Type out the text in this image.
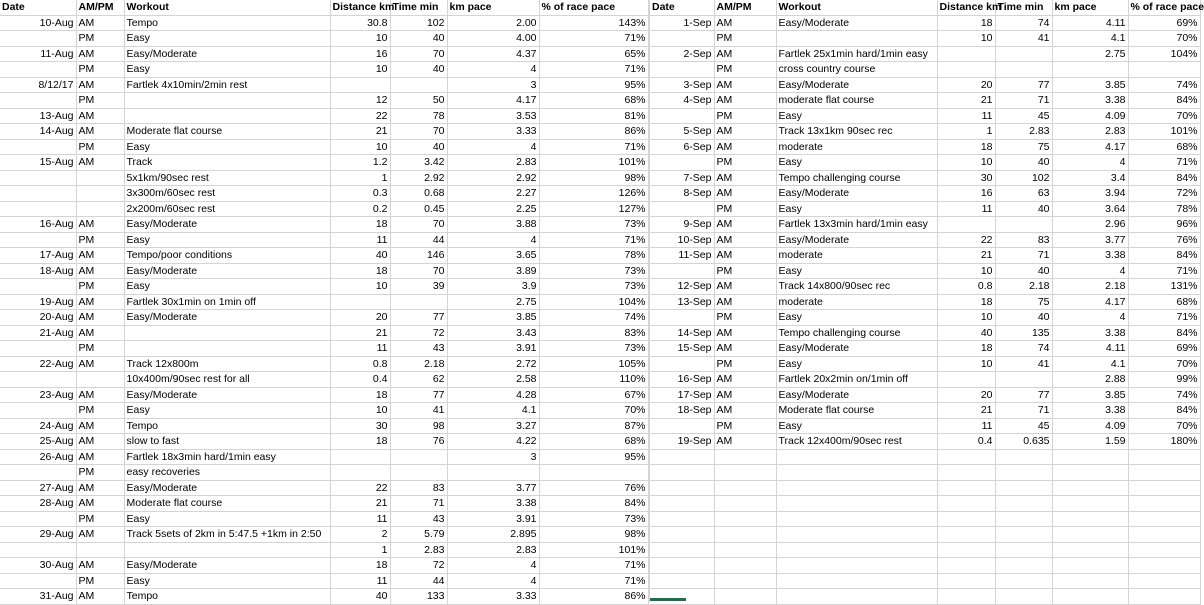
Date	AM/PM	Workout	Distance km	Time min	km pace	% of race pace
10-Aug	AM	Tempo	30.8	102	2.00	143%
	PM	Easy	10	40	4.00	71%
11-Aug	AM	Easy/Moderate	16	70	4.37	65%
	PM	Easy	10	40	4	71%
8/12/17	AM	Fartlek 4x10min/2min rest			3	95%
	PM		12	50	4.17	68%
13-Aug	AM		22	78	3.53	81%
14-Aug	AM	Moderate flat course	21	70	3.33	86%
	PM	Easy	10	40	4	71%
15-Aug	AM	Track	1.2	3.42	2.83	101%
		5x1km/90sec rest	1	2.92	2.92	98%
		3x300m/60sec rest	0.3	0.68	2.27	126%
		2x200m/60sec rest	0.2	0.45	2.25	127%
16-Aug	AM	Easy/Moderate	18	70	3.88	73%
	PM	Easy	11	44	4	71%
17-Aug	AM	Tempo/poor conditions	40	146	3.65	78%
18-Aug	AM	Easy/Moderate	18	70	3.89	73%
	PM	Easy	10	39	3.9	73%
19-Aug	AM	Fartlek 30x1min on 1min off			2.75	104%
20-Aug	AM	Easy/Moderate	20	77	3.85	74%
21-Aug	AM		21	72	3.43	83%
	PM		11	43	3.91	73%
22-Aug	AM	Track 12x800m	0.8	2.18	2.72	105%
		10x400m/90sec rest for all	0.4	62	2.58	110%
23-Aug	AM	Easy/Moderate	18	77	4.28	67%
	PM	Easy	10	41	4.1	70%
24-Aug	AM	Tempo	30	98	3.27	87%
25-Aug	AM	slow to fast	18	76	4.22	68%
26-Aug	AM	Fartlek 18x3min hard/1min easy			3	95%
	PM	easy recoveries				
27-Aug	AM	Easy/Moderate	22	83	3.77	76%
28-Aug	AM	Moderate flat course	21	71	3.38	84%
	PM	Easy	11	43	3.91	73%
29-Aug	AM	Track 5sets of 2km in 5:47.5 +1km in 2:50	2	5.79	2.895	98%
			1	2.83	2.83	101%
30-Aug	AM	Easy/Moderate	18	72	4	71%
	PM	Easy	11	44	4	71%
31-Aug	AM	Tempo	40	133	3.33	86%
Date	AM/PM	Workout	Distance km	Time min	km pace	% of race pace
1-Sep	AM	Easy/Moderate	18	74	4.11	69%
	PM		10	41	4.1	70%
2-Sep	AM	Fartlek 25x1min hard/1min easy			2.75	104%
	PM	cross country course				
3-Sep	AM	Easy/Moderate	20	77	3.85	74%
4-Sep	AM	moderate flat course	21	71	3.38	84%
	PM	Easy	11	45	4.09	70%
5-Sep	AM	Track 13x1km 90sec rec	1	2.83	2.83	101%
6-Sep	AM	moderate	18	75	4.17	68%
	PM	Easy	10	40	4	71%
7-Sep	AM	Tempo challenging course	30	102	3.4	84%
8-Sep	AM	Easy/Moderate	16	63	3.94	72%
	PM	Easy	11	40	3.64	78%
9-Sep	AM	Fartlek 13x3min hard/1min easy			2.96	96%
10-Sep	AM	Easy/Moderate	22	83	3.77	76%
11-Sep	AM	moderate	21	71	3.38	84%
	PM	Easy	10	40	4	71%
12-Sep	AM	Track 14x800/90sec rec	0.8	2.18	2.18	131%
13-Sep	AM	moderate	18	75	4.17	68%
	PM	Easy	10	40	4	71%
14-Sep	AM	Tempo challenging course	40	135	3.38	84%
15-Sep	AM	Easy/Moderate	18	74	4.11	69%
	PM	Easy	10	41	4.1	70%
16-Sep	AM	Fartlek 20x2min on/1min off			2.88	99%
17-Sep	AM	Easy/Moderate	20	77	3.85	74%
18-Sep	AM	Moderate flat course	21	71	3.38	84%
	PM	Easy	11	45	4.09	70%
19-Sep	AM	Track 12x400m/90sec rest	0.4	0.635	1.59	180%
